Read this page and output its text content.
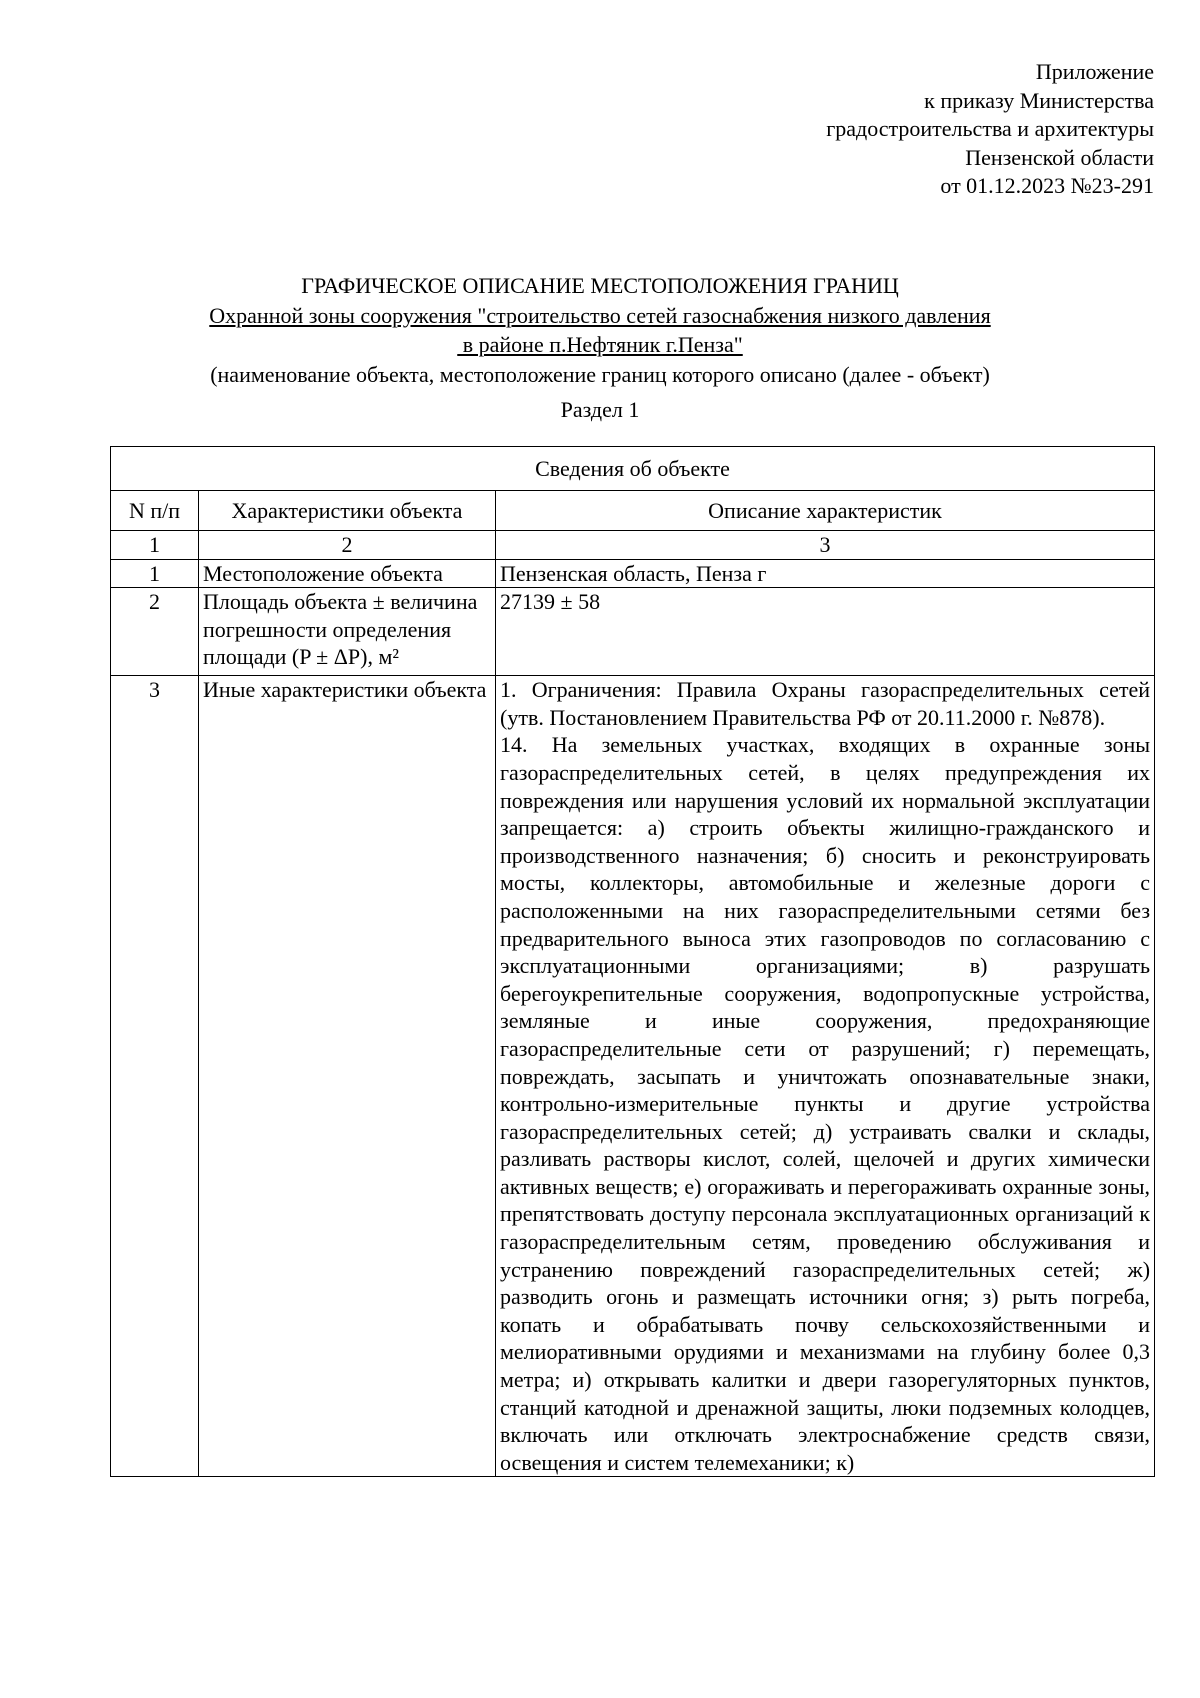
Приложение
к приказу Министерства
градостроительства и архитектуры
Пензенской области
от 01.12.2023 №23-291
ГРАФИЧЕСКОЕ ОПИСАНИЕ МЕСТОПОЛОЖЕНИЯ ГРАНИЦ
Охранной зоны сооружения "строительство сетей газоснабжения низкого давления
в районе п.Нефтяник г.Пенза"
(наименование объекта, местоположение границ которого описано (далее - объект)
Раздел 1
Сведения об объекте		
N п/п	Характеристики объекта	Описание характеристик
1	2	3
1	Местоположение объекта	Пензенская область, Пенза г
2	Площадь объекта ± величина погрешности определения площади (P ± ΔP), м²	27139 ± 58
3	Иные характеристики объекта	1. Ограничения: Правила Охраны газораспределительных сетей (утв. Постановлением Правительства РФ от 20.11.2000 г. №878).
14. На земельных участках, входящих в охранные зоны газораспределительных сетей, в целях предупреждения их повреждения или нарушения условий их нормальной эксплуатации запрещается: а) строить объекты жилищно-гражданского и производственного назначения; б) сносить и реконструировать мосты, коллекторы, автомобильные и железные дороги с расположенными на них газораспределительными сетями без предварительного выноса этих газопроводов по согласованию с эксплуатационными организациями; в) разрушать берегоукрепительные сооружения, водопропускные устройства, земляные и иные сооружения, предохраняющие газораспределительные сети от разрушений; г) перемещать, повреждать, засыпать и уничтожать опознавательные знаки, контрольно-измерительные пункты и другие устройства газораспределительных сетей; д) устраивать свалки и склады, разливать растворы кислот, солей, щелочей и других химически активных веществ; е) огораживать и перегораживать охранные зоны, препятствовать доступу персонала эксплуатационных организаций к газораспределительным сетям, проведению обслуживания и устранению повреждений газораспределительных сетей; ж) разводить огонь и размещать источники огня; з) рыть погреба, копать и обрабатывать почву сельскохозяйственными и мелиоративными орудиями и механизмами на глубину более 0,3 метра; и) открывать калитки и двери газорегуляторных пунктов, станций катодной и дренажной защиты, люки подземных колодцев, включать или отключать электроснабжение средств связи, освещения и систем телемеханики; к)
